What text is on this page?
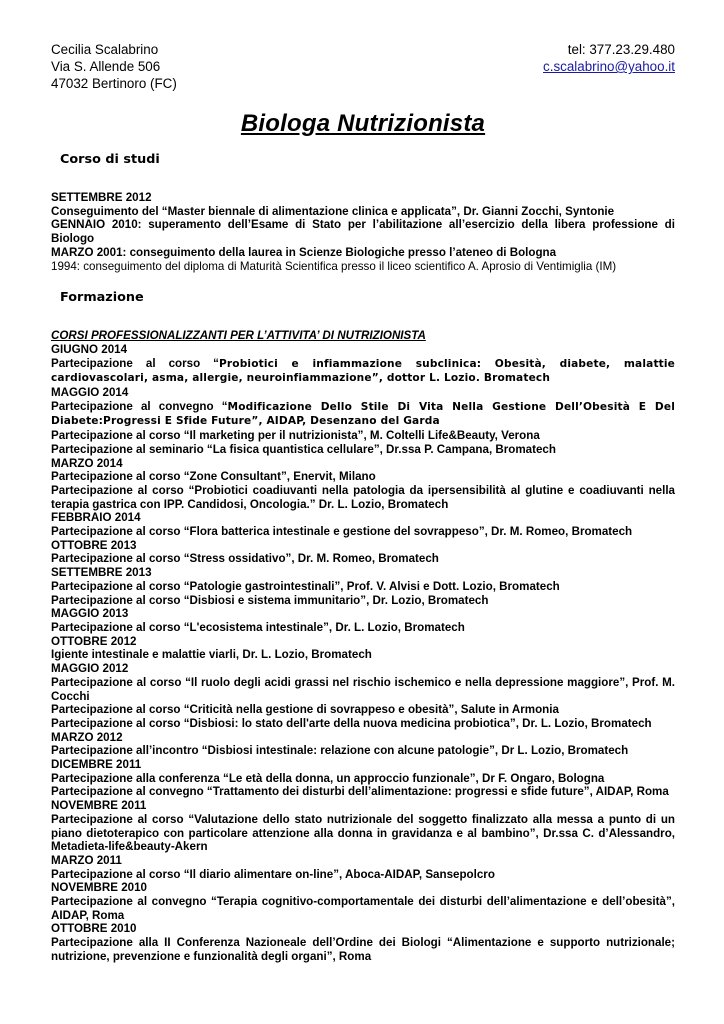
Cecilia Scalabrino
Via S. Allende 506
47032 Bertinoro (FC)
tel: 377.23.29.480
c.scalabrino@yahoo.it
Biologa Nutrizionista
Corso di studi
SETTEMBRE 2012
Conseguimento del “Master biennale di alimentazione clinica e applicata”, Dr. Gianni Zocchi, Syntonie
GENNAIO 2010: superamento dell’Esame di Stato per l’abilitazione all’esercizio della libera professione di Biologo
MARZO 2001: conseguimento della laurea in Scienze Biologiche presso l’ateneo di Bologna
1994: conseguimento del diploma di Maturità Scientifica presso il liceo scientifico A. Aprosio di Ventimiglia (IM)
Formazione
CORSI PROFESSIONALIZZANTI PER L’ATTIVITA’ DI NUTRIZIONISTA
GIUGNO 2014
Partecipazione al corso “Probiotici e infiammazione subclinica: Obesità, diabete, malattie cardiovascolari, asma, allergie, neuroinfiammazione”, dottor L. Lozio. Bromatech
MAGGIO 2014
Partecipazione al convegno “Modificazione Dello Stile Di Vita Nella Gestione Dell’Obesità E Del Diabete:Progressi E Sfide Future”, AIDAP, Desenzano del Garda
Partecipazione al corso “Il marketing per il nutrizionista”, M. Coltelli Life&Beauty, Verona
Partecipazione al seminario “La fisica quantistica cellulare”, Dr.ssa P. Campana, Bromatech
MARZO 2014
Partecipazione al corso “Zone Consultant”, Enervit, Milano
Partecipazione al corso “Probiotici coadiuvanti nella patologia da ipersensibilità al glutine e coadiuvanti nella terapia gastrica con IPP. Candidosi, Oncologia.” Dr. L. Lozio, Bromatech
FEBBRAIO 2014
Partecipazione al corso “Flora batterica intestinale e gestione del sovrappeso”, Dr. M. Romeo, Bromatech
OTTOBRE 2013
Partecipazione al corso “Stress ossidativo”, Dr. M. Romeo, Bromatech
SETTEMBRE 2013
Partecipazione al corso “Patologie gastrointestinali”, Prof. V. Alvisi e Dott. Lozio, Bromatech
Partecipazione al corso “Disbiosi e sistema immunitario”, Dr. Lozio, Bromatech
MAGGIO 2013
Partecipazione al corso “L'ecosistema intestinale”, Dr. L. Lozio, Bromatech
OTTOBRE 2012
Igiente intestinale e malattie viarli, Dr. L. Lozio, Bromatech
MAGGIO 2012
Partecipazione al corso “Il ruolo degli acidi grassi nel rischio ischemico e nella depressione maggiore”, Prof. M. Cocchi
Partecipazione al corso “Criticità nella gestione di sovrappeso e obesità”, Salute in Armonia
Partecipazione al corso “Disbiosi: lo stato dell'arte della nuova medicina probiotica”, Dr. L. Lozio, Bromatech
MARZO 2012
Partecipazione all’incontro “Disbiosi intestinale: relazione con alcune patologie”, Dr L. Lozio, Bromatech
DICEMBRE 2011
Partecipazione alla conferenza “Le età della donna, un approccio funzionale”, Dr F. Ongaro, Bologna
Partecipazione al convegno “Trattamento dei disturbi dell’alimentazione: progressi e sfide future”, AIDAP, Roma
NOVEMBRE 2011
Partecipazione al corso “Valutazione dello stato nutrizionale del soggetto finalizzato alla messa a punto di un piano dietoterapico con particolare attenzione alla donna in gravidanza e al bambino”, Dr.ssa C. d’Alessandro, Metadieta-life&beauty-Akern
MARZO 2011
Partecipazione al corso “Il diario alimentare on-line”, Aboca-AIDAP, Sansepolcro
NOVEMBRE 2010
Partecipazione al convegno “Terapia cognitivo-comportamentale dei disturbi dell’alimentazione e dell’obesità”, AIDAP, Roma
OTTOBRE 2010
Partecipazione alla II Conferenza Nazioneale dell’Ordine dei Biologi “Alimentazione e supporto nutrizionale; nutrizione, prevenzione e funzionalità degli organi”, Roma
